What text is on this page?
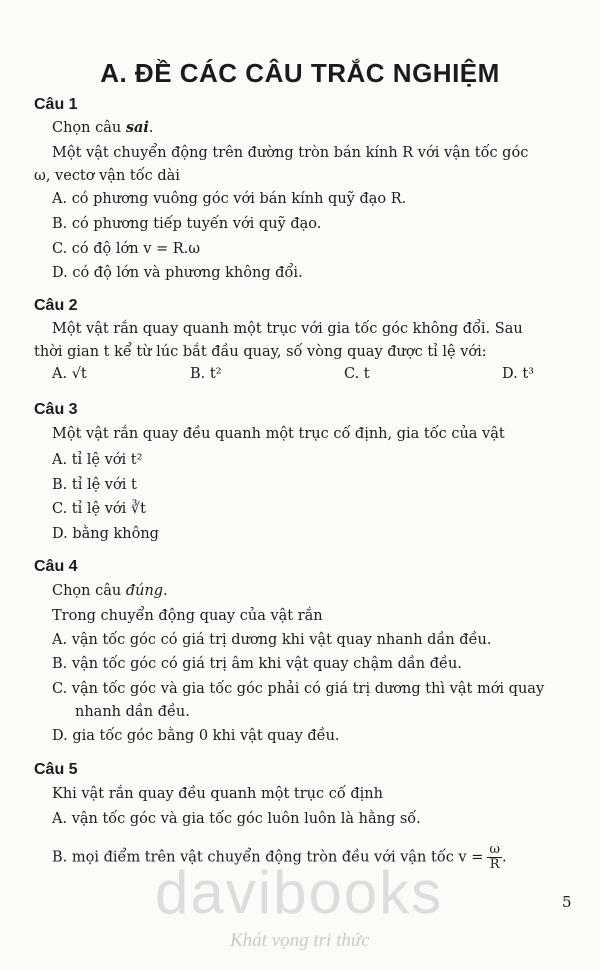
A. ĐỀ CÁC CÂU TRẮC NGHIỆM
Câu 1
Chọn câu sai.
Một vật chuyển động trên đường tròn bán kính R với vận tốc góc
ω, vectơ vận tốc dài
A. có phương vuông góc với bán kính quỹ đạo R.
B. có phương tiếp tuyến với quỹ đạo.
C. có độ lớn v = R.ω
D. có độ lớn và phương không đổi.
Câu 2
Một vật rắn quay quanh một trục với gia tốc góc không đổi. Sau
thời gian t kể từ lúc bắt đầu quay, số vòng quay được tỉ lệ với:
A. √t	B. t²	C. t	D. t³
Câu 3
Một vật rắn quay đều quanh một trục cố định, gia tốc của vật
A. tỉ lệ với t²
B. tỉ lệ với t
C. tỉ lệ với ∛t
D. bằng không
Câu 4
Chọn câu đúng.
Trong chuyển động quay của vật rắn
A. vận tốc góc có giá trị dương khi vật quay nhanh dần đều.
B. vận tốc góc có giá trị âm khi vật quay chậm dần đều.
C. vận tốc góc và gia tốc góc phải có giá trị dương thì vật mới quay
nhanh dần đều.
D. gia tốc góc bằng 0 khi vật quay đều.
Câu 5
Khi vật rắn quay đều quanh một trục cố định
A. vận tốc góc và gia tốc góc luôn luôn là hằng số.
B. mọi điểm trên vật chuyển động tròn đều với vận tốc $v = \frac{\omega}{R}$ .
davibooks
Khát vọng tri thức
5
